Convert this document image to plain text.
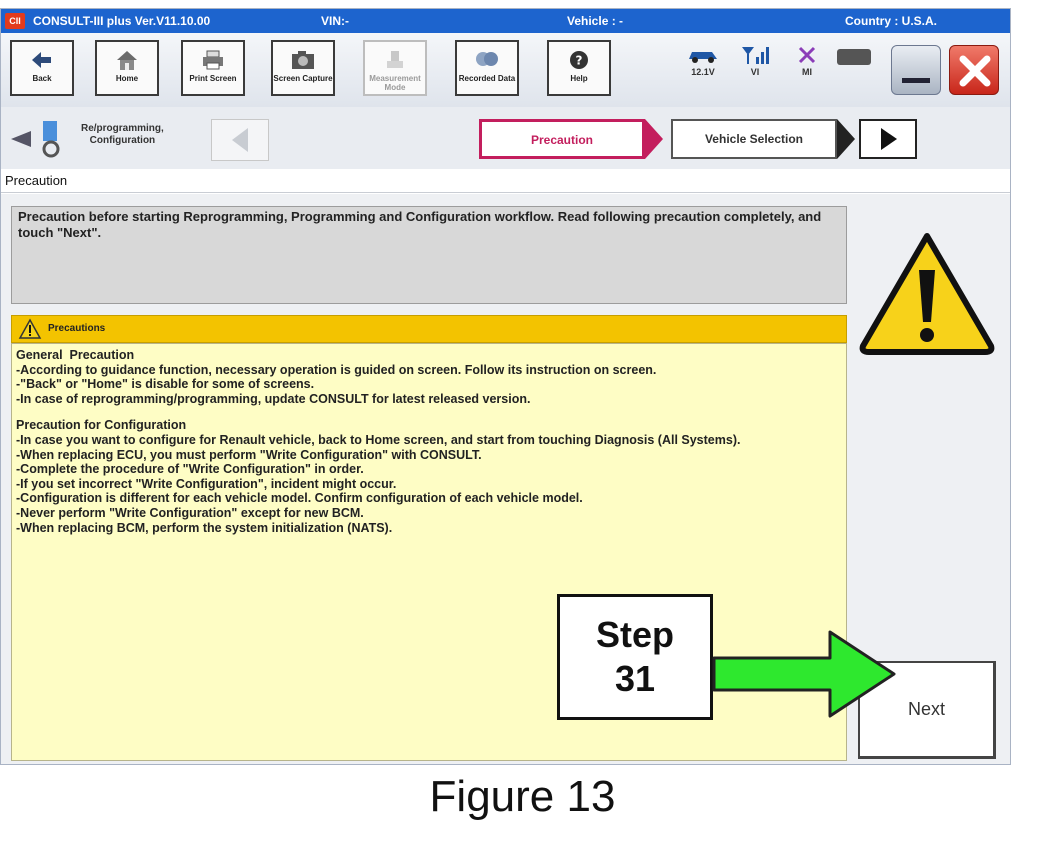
CII	CONSULT-III plus Ver.V11.10.00	VIN:-	Vehicle : -	Country : U.S.A.
Back	Home	Print Screen	Screen Capture	Measurement Mode
Recorded Data
?
Help
12.1V	VI	MI
Re/programming,
Configuration	Precaution	Vehicle Selection
Precaution
Precaution before starting Reprogramming, Programming and Configuration workflow. Read following precaution completely, and touch "Next".
Precautions
General  Precaution
-According to guidance function, necessary operation is guided on screen. Follow its instruction on screen.
-"Back" or "Home" is disable for some of screens.
-In case of reprogramming/programming, update CONSULT for latest released version.
Precaution for Configuration
-In case you want to configure for Renault vehicle, back to Home screen, and start from touching Diagnosis (All Systems).
-When replacing ECU, you must perform "Write Configuration" with CONSULT.
-Complete the procedure of "Write Configuration" in order.
-If you set incorrect "Write Configuration", incident might occur.
-Configuration is different for each vehicle model. Confirm configuration of each vehicle model.
-Never perform "Write Configuration" except for new BCM.
-When replacing BCM, perform the system initialization (NATS).
Next
Step
31
Figure 13
